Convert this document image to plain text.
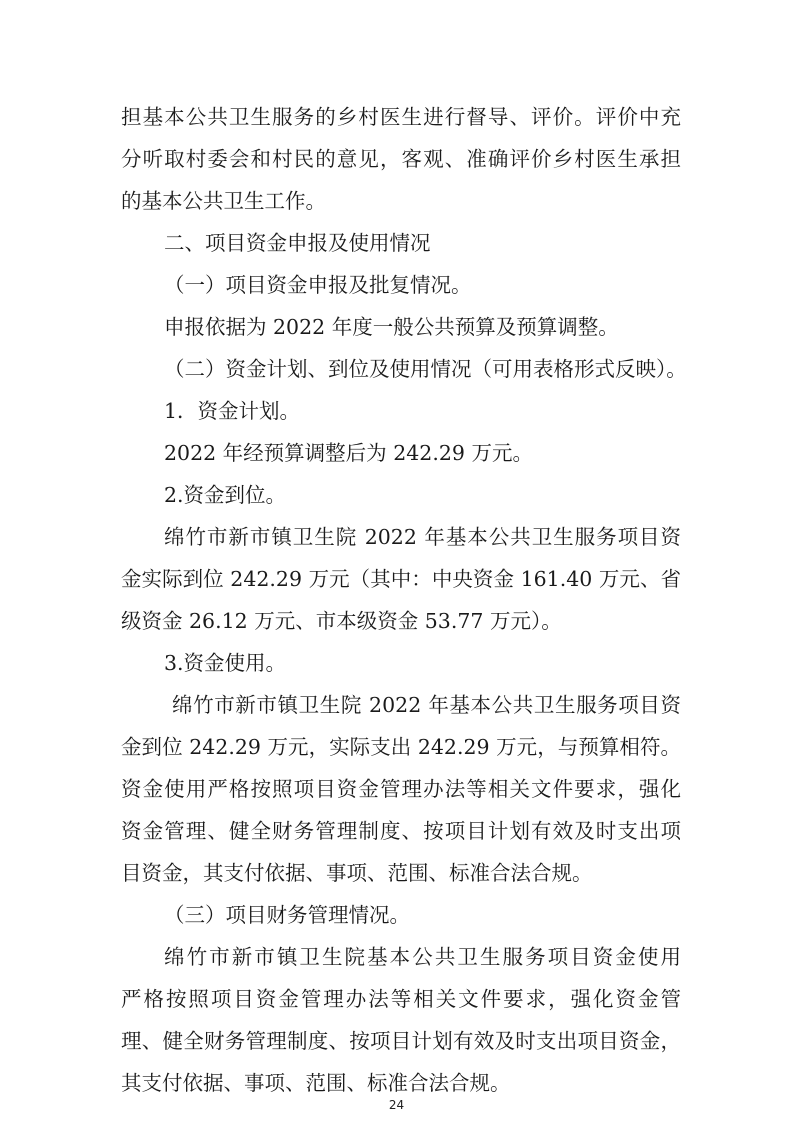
担基本公共卫生服务的乡村医生进行督导、评价。评价中充
分听取村委会和村民的意见，客观、准确评价乡村医生承担
的基本公共卫生工作。
二、项目资金申报及使用情况
（一）项目资金申报及批复情况。
申报依据为 2022 年度一般公共预算及预算调整。
（二）资金计划、到位及使用情况（可用表格形式反映）。
1．资金计划。
2022 年经预算调整后为 242.29 万元。
2.资金到位。
绵竹市新市镇卫生院 2022 年基本公共卫生服务项目资
金实际到位 242.29 万元（其中：中央资金 161.40 万元、省
级资金 26.12 万元、市本级资金 53.77 万元）。
3.资金使用。
绵竹市新市镇卫生院 2022 年基本公共卫生服务项目资
金到位 242.29 万元，实际支出 242.29 万元，与预算相符。
资金使用严格按照项目资金管理办法等相关文件要求，强化
资金管理、健全财务管理制度、按项目计划有效及时支出项
目资金，其支付依据、事项、范围、标准合法合规。
（三）项目财务管理情况。
绵竹市新市镇卫生院基本公共卫生服务项目资金使用
严格按照项目资金管理办法等相关文件要求，强化资金管
理、健全财务管理制度、按项目计划有效及时支出项目资金，
其支付依据、事项、范围、标准合法合规。
24
